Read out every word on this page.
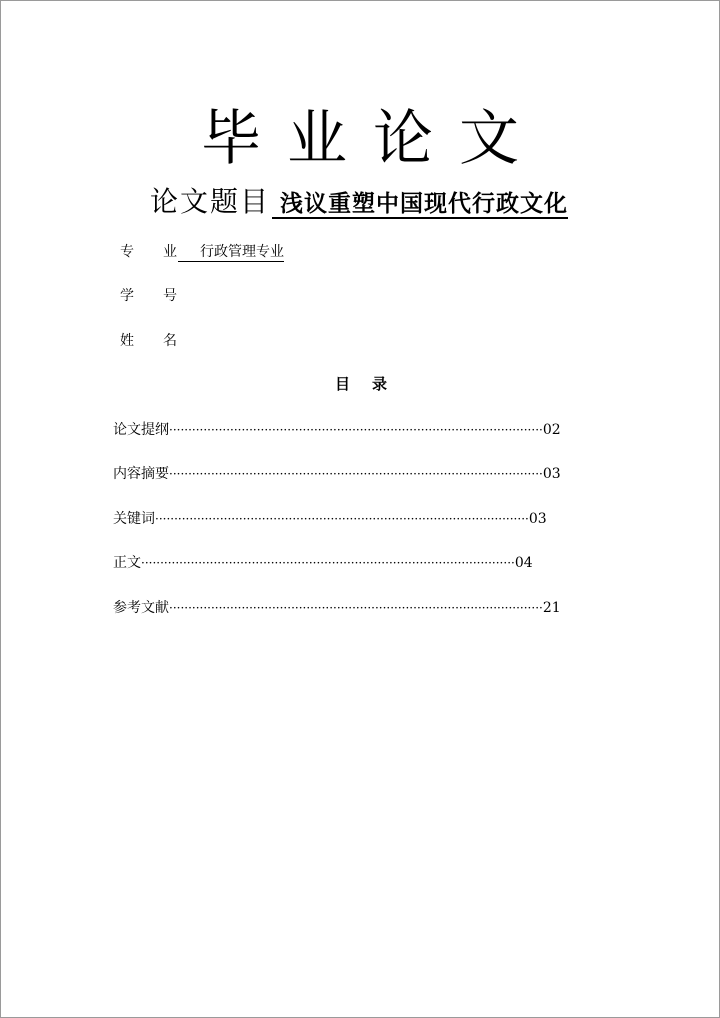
毕业论文
论文题目 浅议重塑中国现代行政文化
专业行政管理专业
学号
姓名
目录
论文提纲 ·································································································· 02
内容摘要 ·································································································· 03
关键词 ·································································································· 03
正文 ·································································································· 04
参考文献 ·································································································· 21
